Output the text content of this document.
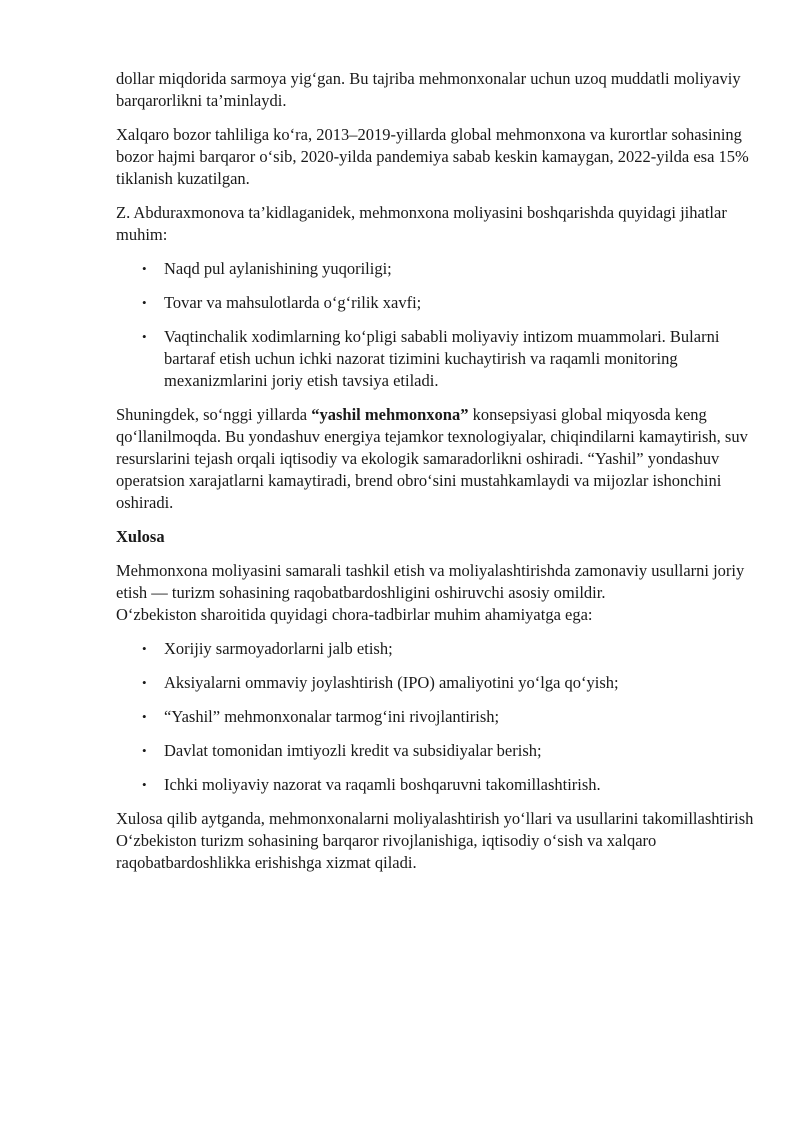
dollar miqdorida sarmoya yig‘gan. Bu tajriba mehmonxonalar uchun uzoq muddatli moliyaviy barqarorlikni ta’minlaydi.

Xalqaro bozor tahliliga ko‘ra, 2013–2019-yillarda global mehmonxona va kurortlar sohasining bozor hajmi barqaror o‘sib, 2020-yilda pandemiya sabab keskin kamaygan, 2022-yilda esa 15% tiklanish kuzatilgan.

Z. Abduraxmonova ta’kidlaganidek, mehmonxona moliyasini boshqarishda quyidagi jihatlar muhim:

• Naqd pul aylanishining yuqoriligi;
• Tovar va mahsulotlarda o‘g‘rilik xavfi;
• Vaqtinchalik xodimlarning ko‘pligi sababli moliyaviy intizom muammolari. Bularni bartaraf etish uchun ichki nazorat tizimini kuchaytirish va raqamli monitoring mexanizmlarini joriy etish tavsiya etiladi.

Shuningdek, so‘nggi yillarda “yashil mehmonxona” konsepsiyasi global miqyosda keng qo‘llanilmoqda. Bu yondashuv energiya tejamkor texnologiyalar, chiqindilarni kamaytirish, suv resurslarini tejash orqali iqtisodiy va ekologik samaradorlikni oshiradi. “Yashil” yondashuv operatsion xarajatlarni kamaytiradi, brend obro‘sini mustahkamlaydi va mijozlar ishonchini oshiradi.

Xulosa

Mehmonxona moliyasini samarali tashkil etish va moliyalashtirishda zamonaviy usullarni joriy etish — turizm sohasining raqobatbardoshligini oshiruvchi asosiy omildir.

O‘zbekiston sharoitida quyidagi chora-tadbirlar muhim ahamiyatga ega:

• Xorijiy sarmoyadorlarni jalb etish;
• Aksiyalarni ommaviy joylashtirish (IPO) amaliyotini yo‘lga qo‘yish;
• “Yashil” mehmonxonalar tarmog‘ini rivojlantirish;
• Davlat tomonidan imtiyozli kredit va subsidiyalar berish;
• Ichki moliyaviy nazorat va raqamli boshqaruvni takomillashtirish.

Xulosa qilib aytganda, mehmonxonalarni moliyalashtirish yo‘llari va usullarini takomillashtirish O‘zbekiston turizm sohasining barqaror rivojlanishiga, iqtisodiy o‘sish va xalqaro raqobatbardoshlikka erishishga xizmat qiladi.
